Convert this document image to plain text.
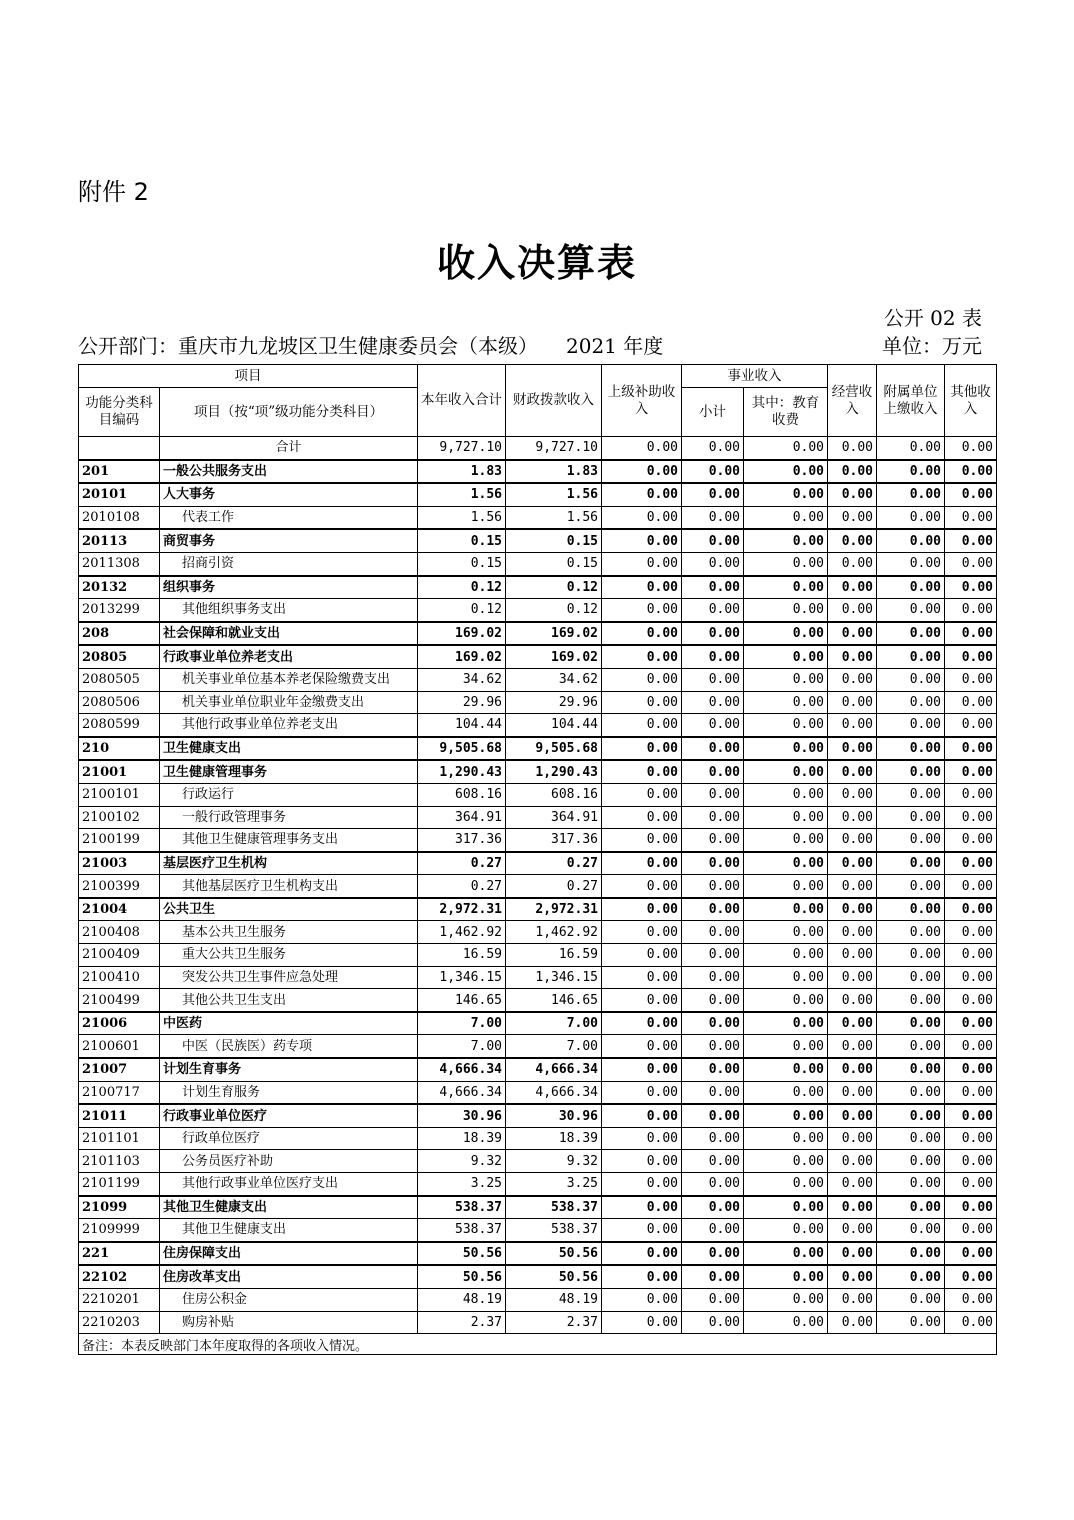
附件 2
收入决算表
公开 02 表
公开部门：重庆市九龙坡区卫生健康委员会（本级） 2021 年度	单位：万元
项目		本年收入合计	财政拨款收入	上级补助收入	事业收入		经营收入	附属单位上缴收入	其他收入
功能分类科目编码	项目（按“项”级功能分类科目）								
					小计	其中：教育收费			
	合计	9,727.10	9,727.10	0.00	0.00	0.00	0.00	0.00	0.00
201	一般公共服务支出	1.83	1.83	0.00	0.00	0.00	0.00	0.00	0.00
20101	人大事务	1.56	1.56	0.00	0.00	0.00	0.00	0.00	0.00
2010108	代表工作	1.56	1.56	0.00	0.00	0.00	0.00	0.00	0.00
20113	商贸事务	0.15	0.15	0.00	0.00	0.00	0.00	0.00	0.00
2011308	招商引资	0.15	0.15	0.00	0.00	0.00	0.00	0.00	0.00
20132	组织事务	0.12	0.12	0.00	0.00	0.00	0.00	0.00	0.00
2013299	其他组织事务支出	0.12	0.12	0.00	0.00	0.00	0.00	0.00	0.00
208	社会保障和就业支出	169.02	169.02	0.00	0.00	0.00	0.00	0.00	0.00
20805	行政事业单位养老支出	169.02	169.02	0.00	0.00	0.00	0.00	0.00	0.00
2080505	机关事业单位基本养老保险缴费支出	34.62	34.62	0.00	0.00	0.00	0.00	0.00	0.00
2080506	机关事业单位职业年金缴费支出	29.96	29.96	0.00	0.00	0.00	0.00	0.00	0.00
2080599	其他行政事业单位养老支出	104.44	104.44	0.00	0.00	0.00	0.00	0.00	0.00
210	卫生健康支出	9,505.68	9,505.68	0.00	0.00	0.00	0.00	0.00	0.00
21001	卫生健康管理事务	1,290.43	1,290.43	0.00	0.00	0.00	0.00	0.00	0.00
2100101	行政运行	608.16	608.16	0.00	0.00	0.00	0.00	0.00	0.00
2100102	一般行政管理事务	364.91	364.91	0.00	0.00	0.00	0.00	0.00	0.00
2100199	其他卫生健康管理事务支出	317.36	317.36	0.00	0.00	0.00	0.00	0.00	0.00
21003	基层医疗卫生机构	0.27	0.27	0.00	0.00	0.00	0.00	0.00	0.00
2100399	其他基层医疗卫生机构支出	0.27	0.27	0.00	0.00	0.00	0.00	0.00	0.00
21004	公共卫生	2,972.31	2,972.31	0.00	0.00	0.00	0.00	0.00	0.00
2100408	基本公共卫生服务	1,462.92	1,462.92	0.00	0.00	0.00	0.00	0.00	0.00
2100409	重大公共卫生服务	16.59	16.59	0.00	0.00	0.00	0.00	0.00	0.00
2100410	突发公共卫生事件应急处理	1,346.15	1,346.15	0.00	0.00	0.00	0.00	0.00	0.00
2100499	其他公共卫生支出	146.65	146.65	0.00	0.00	0.00	0.00	0.00	0.00
21006	中医药	7.00	7.00	0.00	0.00	0.00	0.00	0.00	0.00
2100601	中医（民族医）药专项	7.00	7.00	0.00	0.00	0.00	0.00	0.00	0.00
21007	计划生育事务	4,666.34	4,666.34	0.00	0.00	0.00	0.00	0.00	0.00
2100717	计划生育服务	4,666.34	4,666.34	0.00	0.00	0.00	0.00	0.00	0.00
21011	行政事业单位医疗	30.96	30.96	0.00	0.00	0.00	0.00	0.00	0.00
2101101	行政单位医疗	18.39	18.39	0.00	0.00	0.00	0.00	0.00	0.00
2101103	公务员医疗补助	9.32	9.32	0.00	0.00	0.00	0.00	0.00	0.00
2101199	其他行政事业单位医疗支出	3.25	3.25	0.00	0.00	0.00	0.00	0.00	0.00
21099	其他卫生健康支出	538.37	538.37	0.00	0.00	0.00	0.00	0.00	0.00
2109999	其他卫生健康支出	538.37	538.37	0.00	0.00	0.00	0.00	0.00	0.00
221	住房保障支出	50.56	50.56	0.00	0.00	0.00	0.00	0.00	0.00
22102	住房改革支出	50.56	50.56	0.00	0.00	0.00	0.00	0.00	0.00
2210201	住房公积金	48.19	48.19	0.00	0.00	0.00	0.00	0.00	0.00
2210203	购房补贴	2.37	2.37	0.00	0.00	0.00	0.00	0.00	0.00
备注：本表反映部门本年度取得的各项收入情况。									
